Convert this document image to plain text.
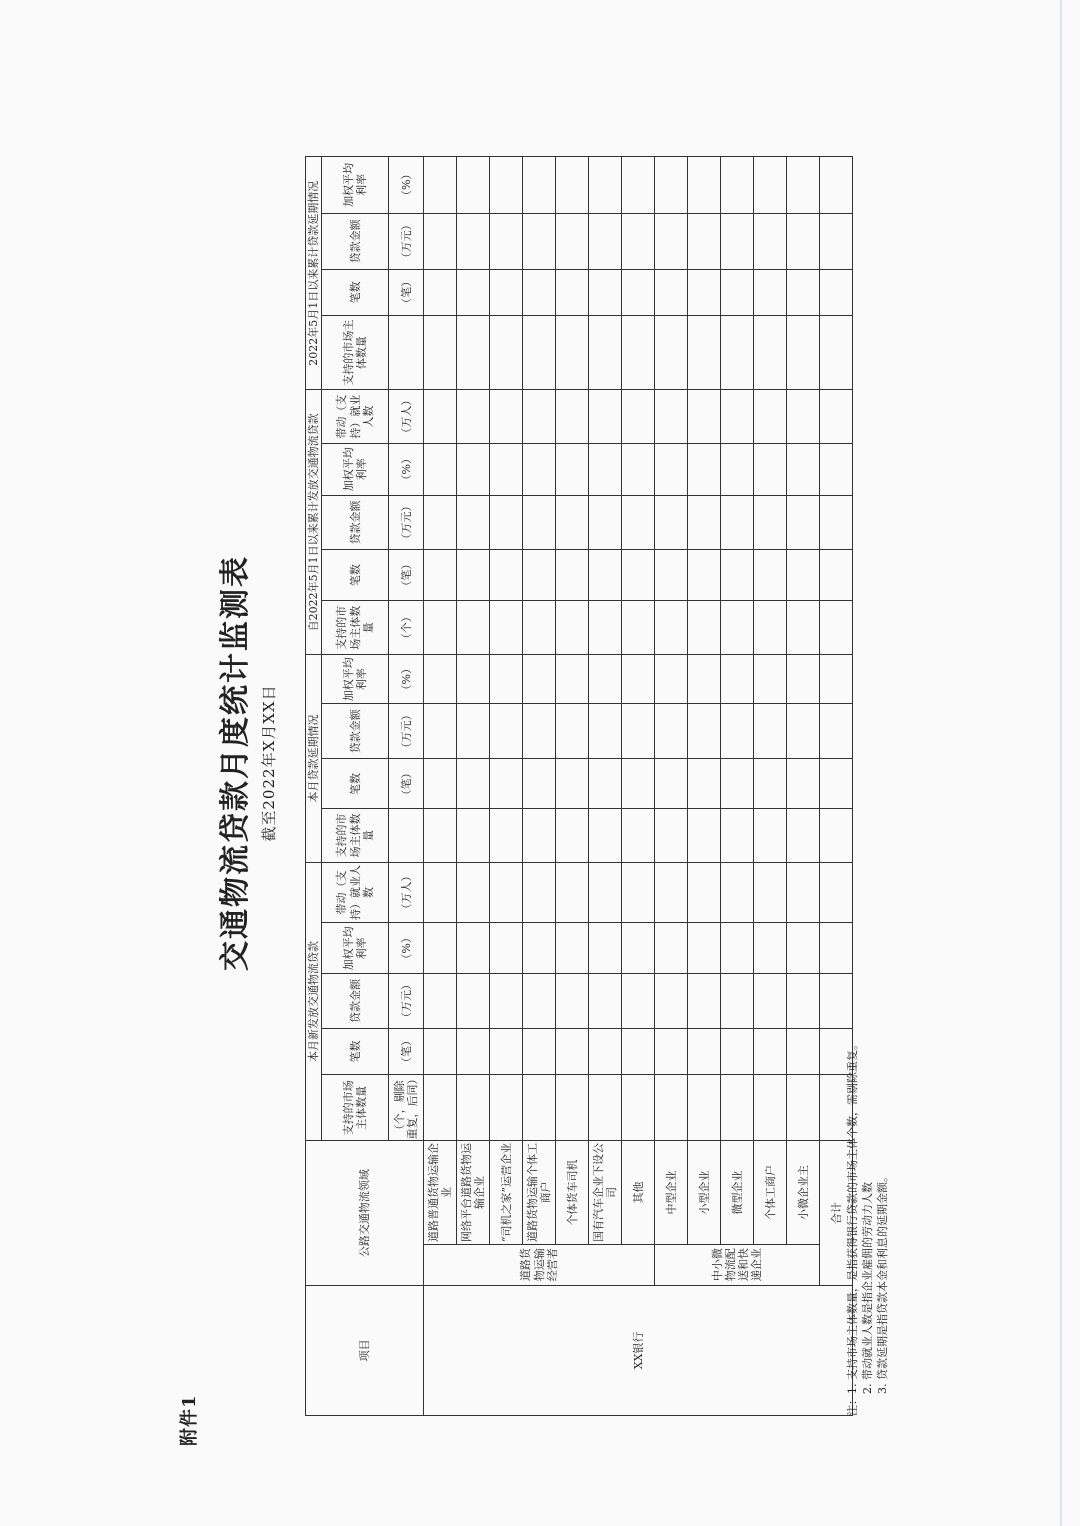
附件1
交通物流贷款月度统计监测表 截至2022年X月XX日
项目	公路交通物流领域		本月新发放交通物流贷款					本月贷款延期情况				自2022年5月1日以来累计发放交通物流贷款					2022年5月1日以来累计贷款延期情况			
			支持的市场主体数量	笔数	贷款金额	加权平均利率	带动（支持）就业人数	支持的市场主体数量	笔数	贷款金额	加权平均利率	支持的市场主体数量	笔数	贷款金额	加权平均利率	带动（支持）就业人数	支持的市场主体数量	笔数	贷款金额	加权平均利率
			（个，剔除重复，后同）	（笔）	（万元）	（%）	（万人）		（笔）	（万元）	（%）	（个）	（笔）	（万元）	（%）	（万人）		（笔）	（万元）	（%）
XX银行	道路货物运输经营者	道路普通货物运输企业																		
		网络平台道路货物运输企业																		
		“司机之家”运营企业																		
		道路货物运输个体工商户																		
		个体货车司机																		
		国有汽车企业下设公司																		
		其他																		
	中小微物流配送和快递企业	中型企业																		
		小型企业																		
		微型企业																		
		个体工商户																		
		小微企业主																		
	合计																			
注：1. 支持市场主体数量，是指获得银行贷款的市场主体个数，需剔除重复。 2. 带动就业人数是指企业雇佣的劳动力人数 3. 贷款延期是指贷款本金和利息的延期金额。
